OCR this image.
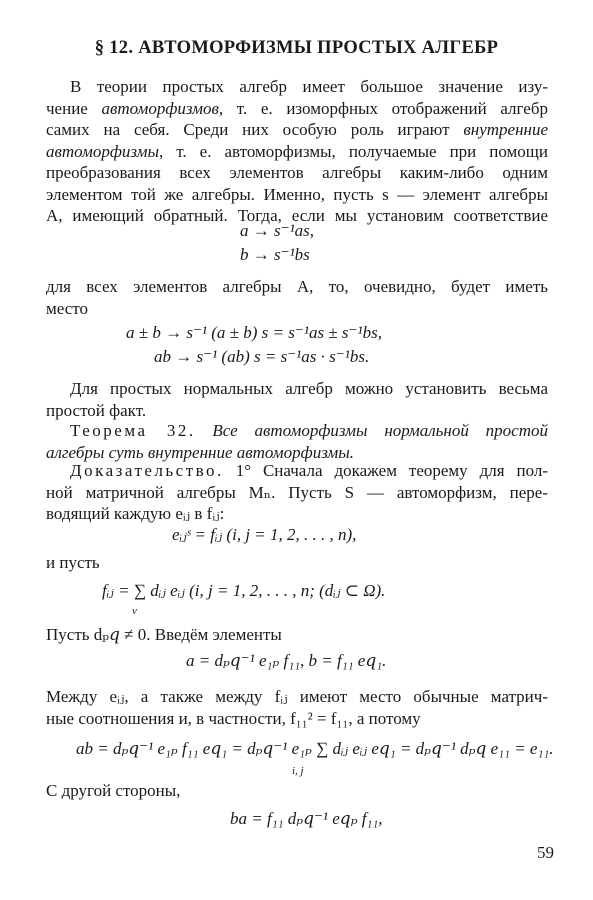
§ 12. АВТОМОРФИЗМЫ ПРОСТЫХ АЛГЕБР
В теории простых алгебр имеет большое значение изу-
чение автоморфизмов, т. е. изоморфных отображений алгебр
самих на себя. Среди них особую роль играют внутренние
автоморфизмы, т. е. автоморфизмы, получаемые при помощи
преобразования всех элементов алгебры каким-либо одним
элементом той же алгебры. Именно, пусть s — элемент алгебры
A, имеющий обратный. Тогда, если мы установим соответствие
a → s⁻¹as,
b → s⁻¹bs
для всех элементов алгебры A, то, очевидно, будет иметь
место
a ± b → s⁻¹ (a ± b) s = s⁻¹as ± s⁻¹bs,
ab → s⁻¹ (ab) s = s⁻¹as · s⁻¹bs.
Для простых нормальных алгебр можно установить весьма
простой факт.
Теорема 32. Все автоморфизмы нормальной простой
алгебры суть внутренние автоморфизмы.
Доказательство. 1° Сначала докажем теорему для пол-
ной матричной алгебры Mₙ. Пусть S — автоморфизм, пере-
водящий каждую eᵢⱼ в fᵢⱼ:
eᵢⱼˢ = fᵢⱼ (i, j = 1, 2, . . . , n),
и пусть
fᵢⱼ = ∑ dᵢⱼ eᵢⱼ (i, j = 1, 2, . . . , n; (dᵢⱼ ⊂ Ω).
ν
Пусть dₚ𝑞 ≠ 0. Введём элементы
a = dₚ𝑞⁻¹ e₁ₚ f₁₁, b = f₁₁ e𝑞₁.
Между eᵢⱼ, а также между fᵢⱼ имеют место обычные матрич-
ные соотношения и, в частности, f₁₁² = f₁₁, а потому
ab = dₚ𝑞⁻¹ e₁ₚ f₁₁ e𝑞₁ = dₚ𝑞⁻¹ e₁ₚ ∑ dᵢⱼ eᵢⱼ e𝑞₁ = dₚ𝑞⁻¹ dₚ𝑞 e₁₁ = e₁₁.
i, j
С другой стороны,
ba = f₁₁ dₚ𝑞⁻¹ e𝑞ₚ f₁₁,
59
